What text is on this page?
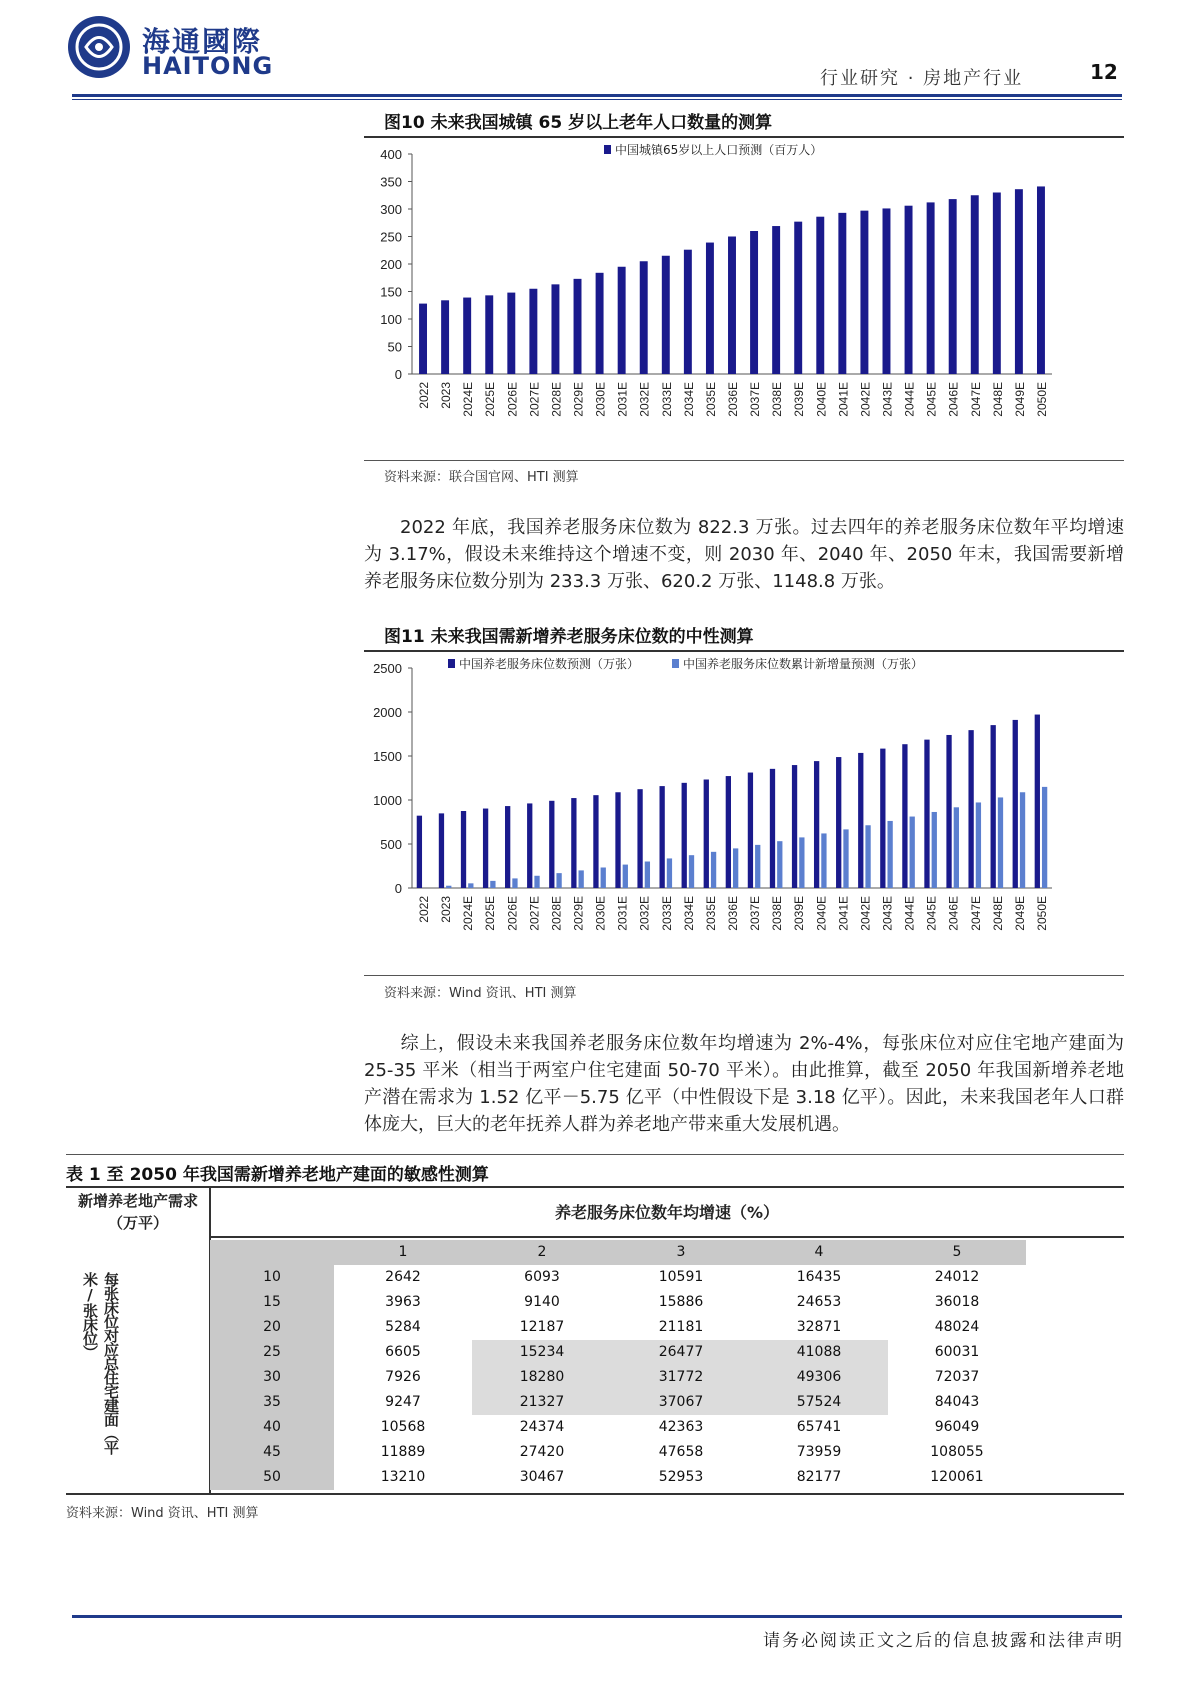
海通國際
HAITONG	行业研究 · 房地产行业	12
图10 未来我国城镇 65 岁以上老年人口数量的测算
0
50
100
150
200
250
300
350
400
2022 2023 2024E 2025E 2026E 2027E 2028E 2029E 2030E 2031E 2032E 2033E 2034E 2035E 2036E 2037E 2038E 2039E 2040E 2041E 2042E 2043E 2044E 2045E 2046E 2047E 2048E 2049E 2050E
中国城镇65岁以上人口预测（百万人）
资料来源：联合国官网、HTI 测算
2022 年底，我国养老服务床位数为 822.3 万张。过去四年的养老服务床位数年平均增速为 3.17%，假设未来维持这个增速不变，则 2030 年、2040 年、2050 年末，我国需要新增养老服务床位数分别为 233.3 万张、620.2 万张、1148.8 万张。
图11 未来我国需新增养老服务床位数的中性测算
0
500
1000
1500
2000
2500
2022 2023 2024E 2025E 2026E 2027E 2028E 2029E 2030E 2031E 2032E 2033E 2034E 2035E 2036E 2037E 2038E 2039E 2040E 2041E 2042E 2043E 2044E 2045E 2046E 2047E 2048E 2049E 2050E
中国养老服务床位数预测（万张）	中国养老服务床位数累计新增量预测（万张）
资料来源：Wind 资讯、HTI 测算
综上，假设未来我国养老服务床位数年均增速为 2%-4%，每张床位对应住宅地产建面为 25-35 平米（相当于两室户住宅建面 50-70 平米）。由此推算，截至 2050 年我国新增养老地产潜在需求为 1.52 亿平－5.75 亿平（中性假设下是 3.18 亿平）。因此，未来我国老年人口群体庞大，巨大的老年抚养人群为养老地产带来重大发展机遇。
表 1 至 2050 年我国需新增养老地产建面的敏感性测算
新增养老地产需求（万平）
养老服务床位数年均增速（%）
每张床位对应总住宅建面（平米/张床位）
1	2	3	4	5
10	2642	6093	10591	16435	24012
15	3963	9140	15886	24653	36018
20	5284	12187	21181	32871	48024
25	6605	15234	26477	41088	60031
30	7926	18280	31772	49306	72037
35	9247	21327	37067	57524	84043
40	10568	24374	42363	65741	96049
45	11889	27420	47658	73959	108055
50	13210	30467	52953	82177	120061
资料来源：Wind 资讯、HTI 测算
请务必阅读正文之后的信息披露和法律声明
